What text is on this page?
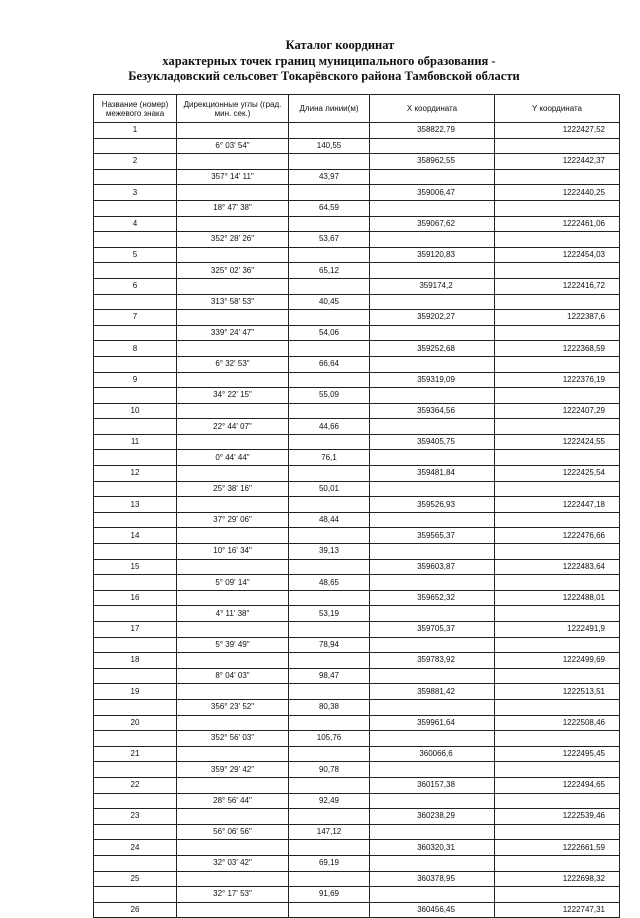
Каталог координат
характерных точек границ муниципального образования -
Безукладовский сельсовет Токарёвского района Тамбовской области
Название (номер) межевого знака	Дирекционные углы (град. мин. сек.)	Длина линии(м)	X координата	Y координата
1			358822,79	1222427,52
	6° 03' 54"	140,55		
2			358962,55	1222442,37
	357° 14' 11"	43,97		
3			359006,47	1222440,25
	18° 47' 38"	64,59		
4			359067,62	1222461,06
	352° 28' 26"	53,67		
5			359120,83	1222454,03
	325° 02' 36"	65,12		
6			359174,2	1222416,72
	313° 58' 53"	40,45		
7			359202,27	1222387,6
	339° 24' 47"	54,06		
8			359252,68	1222368,59
	6° 32' 53"	66,64		
9			359319,09	1222376,19
	34° 22' 15"	55,09		
10			359364,56	1222407,29
	22° 44' 07"	44,66		
11			359405,75	1222424,55
	0° 44' 44"	76,1		
12			359481,84	1222425,54
	25° 38' 16"	50,01		
13			359526,93	1222447,18
	37° 29' 06"	48,44		
14			359565,37	1222476,66
	10° 16' 34"	39,13		
15			359603,87	1222483,64
	5° 09' 14"	48,65		
16			359652,32	1222488,01
	4° 11' 38"	53,19		
17			359705,37	1222491,9
	5° 39' 49"	78,94		
18			359783,92	1222499,69
	8° 04' 03"	98,47		
19			359881,42	1222513,51
	356° 23' 52"	80,38		
20			359961,64	1222508,46
	352° 56' 03"	105,76		
21			360066,6	1222495,45
	359° 29' 42"	90,78		
22			360157,38	1222494,65
	28° 56' 44"	92,49		
23			360238,29	1222539,46
	56° 06' 56"	147,12		
24			360320,31	1222661,59
	32° 03' 42"	69,19		
25			360378,95	1222698,32
	32° 17' 53"	91,69		
26			360456,45	1222747,31
